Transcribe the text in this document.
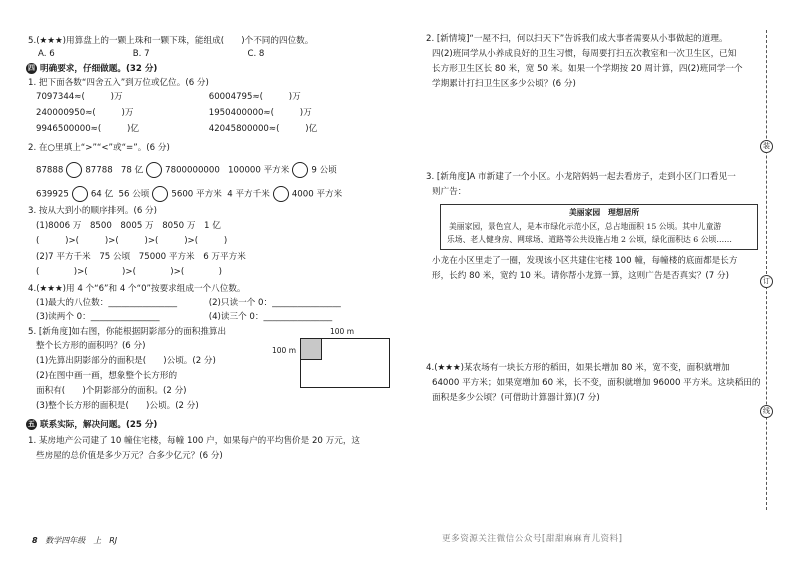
5.(★★★)用算盘上的一颗上珠和一颗下珠，能组成(　　)个不同的四位数。
A. 6	B. 7	C. 8
四 明确要求，仔细做题。(32 分)
1. 把下面各数“四舍五入”到万位或亿位。(6 分)
7097344≈(　　　)万	60004795≈(　　　)万
240000950≈(　　　)万	1950400000≈(　　　)万
9946500000≈(　　　)亿	42045800000≈(　　　)亿
2. 在○里填上“>”“<”或“=”。(6 分)
87888	87788 78 亿	7800000000 100000 平方米	9 公顷
639925	64 亿 56 公顷	5600 平方米 4 平方千米	4000 平方米
3. 按从大到小的顺序排列。(6 分)
(1)8006 万　8500　8005 万　8050 万　1 亿
(　　　)>(　　　)>(　　　)>(　　　)>(　　　)
(2)7 平方千米　75 公顷　75000 平方米　6 万平方米
(　　　　)>(　　　　)>(　　　　)>(　　　　)
4.(★★★)用 4 个“6”和 4 个“0”按要求组成一个八位数。
(1)最大的八位数：________________	(2)只读一个 0：________________
(3)读两个 0：________________	(4)读三个 0：________________
5. [新角度]如右图，你能根据阴影部分的面积推算出
整个长方形的面积吗？(6 分)
(1)先算出阴影部分的面积是(　　)公顷。(2 分)
(2)在图中画一画，想象整个长方形的
面积有(　　)个阴影部分的面积。(2 分)
(3)整个长方形的面积是(　　)公顷。(2 分)
100 m
100 m
五 联系实际，解决问题。(25 分)
1. 某房地产公司建了 10 幢住宅楼，每幢 100 户，如果每户的平均售价是 20 万元，这
些房屋的总价值是多少万元？合多少亿元？(6 分)
8 数学四年级　上　RJ
2. [新情境]“一屋不扫，何以扫天下”告诉我们成大事者需要从小事做起的道理。
四(2)班同学从小养成良好的卫生习惯，每周要打扫五次教室和一次卫生区，已知
长方形卫生区长 80 米，宽 50 米。如果一个学期按 20 周计算，四(2)班同学一个
学期累计打扫卫生区多少公顷？(6 分)
3. [新角度]A 市新建了一个小区。小龙陪妈妈一起去看房子，走到小区门口看见一
则广告：
美丽家园　理想居所
美丽家园，景色宜人，是本市绿化示范小区，总占地面积 15 公顷。其中儿童游
乐场、老人健身房、网球场、道路等公共设施占地 2 公顷，绿化面积达 6 公顷……
小龙在小区里走了一圈，发现该小区共建住宅楼 100 幢，每幢楼的底面都是长方
形，长约 80 米，宽约 10 米。请你帮小龙算一算，这则广告是否真实？(7 分)
4.(★★★)某农场有一块长方形的稻田，如果长增加 80 米，宽不变，面积就增加
64000 平方米；如果宽增加 60 米，长不变，面积就增加 96000 平方米。这块稻田的
面积是多少公顷？(可借助计算器计算)(7 分)
装
订
线
更多资源关注微信公众号[甜甜麻麻育儿资料]
